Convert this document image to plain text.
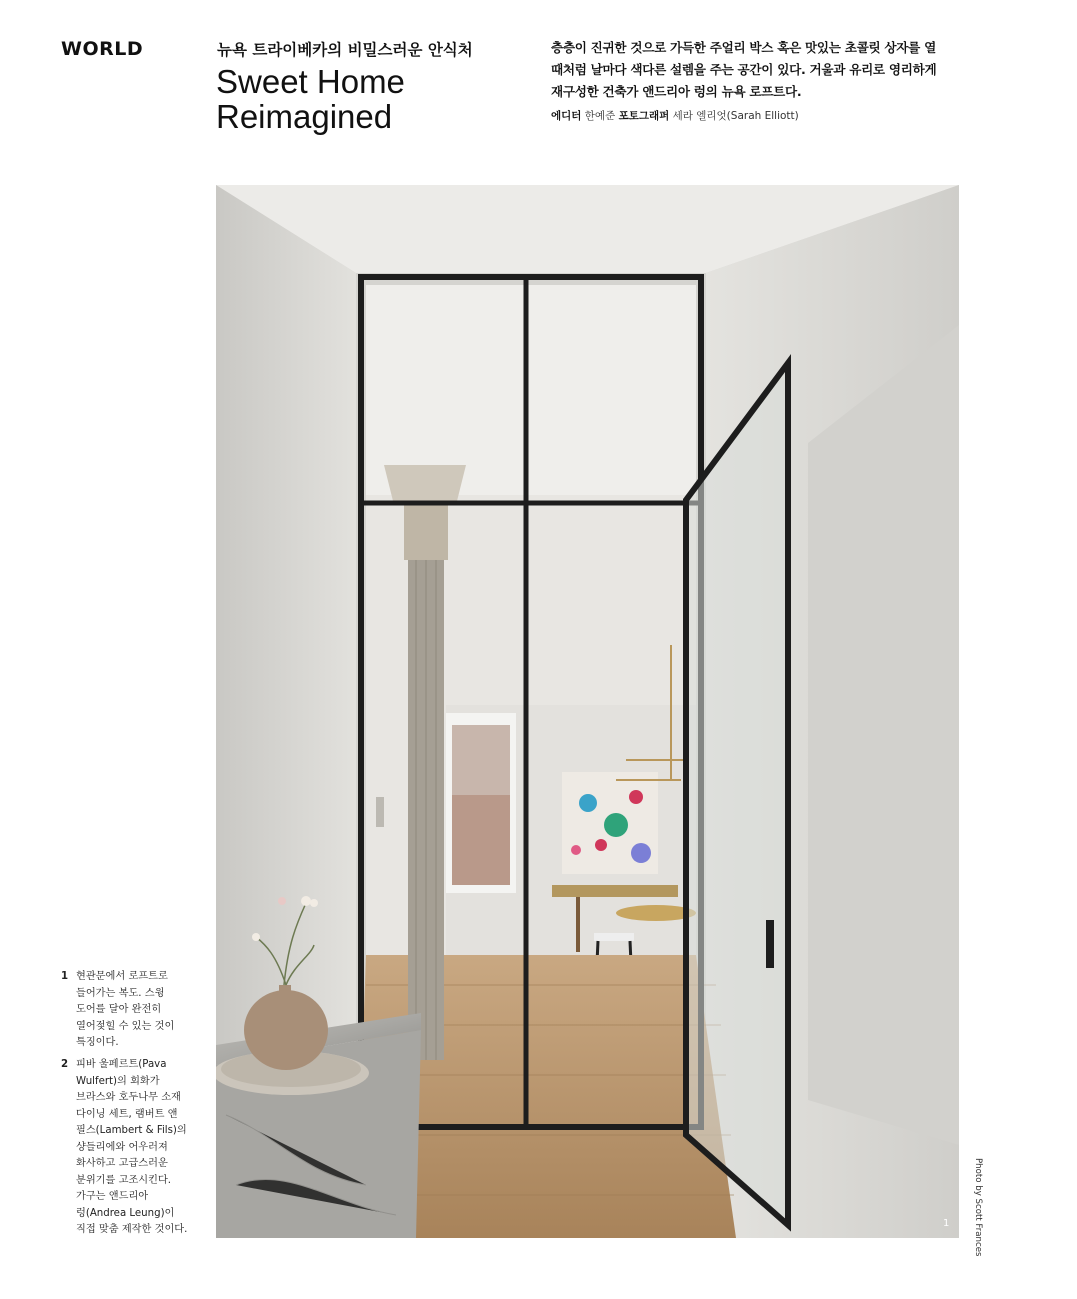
WORLD	뉴욕 트라이베카의 비밀스러운 안식처
Sweet Home
Reimagined
층층이 진귀한 것으로 가득한 주얼리 박스 혹은 맛있는 초콜릿 상자를 열
때처럼 날마다 색다른 설렘을 주는 공간이 있다. 거울과 유리로 영리하게
재구성한 건축가 앤드리아 렁의 뉴욕 로프트다.
에디터 한예준 포토그래퍼 세라 엘리엇(Sarah Elliott)
1	Photo by Scott Frances
1 현관문에서 로프트로
들어가는 복도. 스윙
도어를 달아 완전히
열어젖힐 수 있는 것이
특징이다.
2 피바 울페르트(Pava
Wulfert)의 회화가
브라스와 호두나무 소재
다이닝 세트, 램버트 앤
필스(Lambert & Fils)의
샹들리에와 어우러져
화사하고 고급스러운
분위기를 고조시킨다.
가구는 앤드리아
렁(Andrea Leung)이
직접 맞춤 제작한 것이다.
